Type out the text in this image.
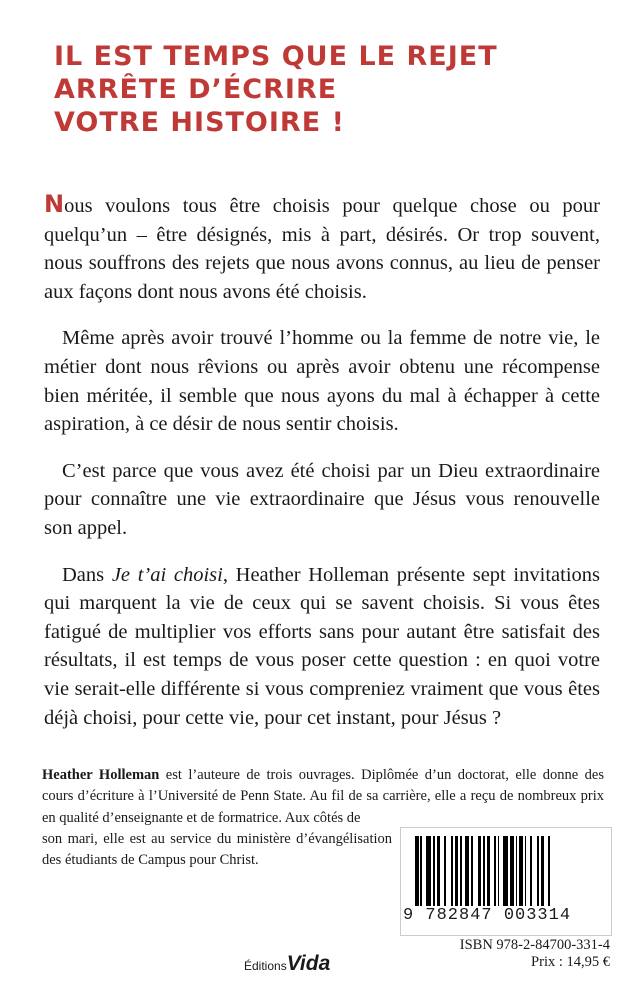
IL EST TEMPS QUE LE REJET
ARRÊTE D’ÉCRIRE
VOTRE HISTOIRE !

Nous voulons tous être choisis pour quelque chose ou pour quelqu’un – être désignés, mis à part, désirés. Or trop souvent, nous souffrons des rejets que nous avons connus, au lieu de penser aux façons dont nous avons été choisis.

Même après avoir trouvé l’homme ou la femme de notre vie, le métier dont nous rêvions ou après avoir obtenu une récompense bien méritée, il semble que nous ayons du mal à échapper à cette aspiration, à ce désir de nous sentir choisis.

C’est parce que vous avez été choisi par un Dieu extraordinaire pour connaître une vie extraordinaire que Jésus vous renouvelle son appel.

Dans Je t’ai choisi, Heather Holleman présente sept invitations qui marquent la vie de ceux qui se savent choisis. Si vous êtes fatigué de multiplier vos efforts sans pour autant être satisfait des résultats, il est temps de vous poser cette question : en quoi votre vie serait-elle différente si vous compreniez vraiment que vous êtes déjà choisi, pour cette vie, pour cet instant, pour Jésus ?

Heather Holleman est l’auteure de trois ouvrages. Diplômée d’un doctorat, elle donne des cours d’écriture à l’Université de Penn State. Au fil de sa carrière, elle a reçu de nombreux prix en qualité d’enseignante et de formatrice. Aux côtés de
son mari, elle est au service du ministère d’évangélisation des étudiants de Campus pour Christ.
9 782847 003314
ISBN 978-2-84700-331-4
Prix : 14,95 €
ÉditionsVida
